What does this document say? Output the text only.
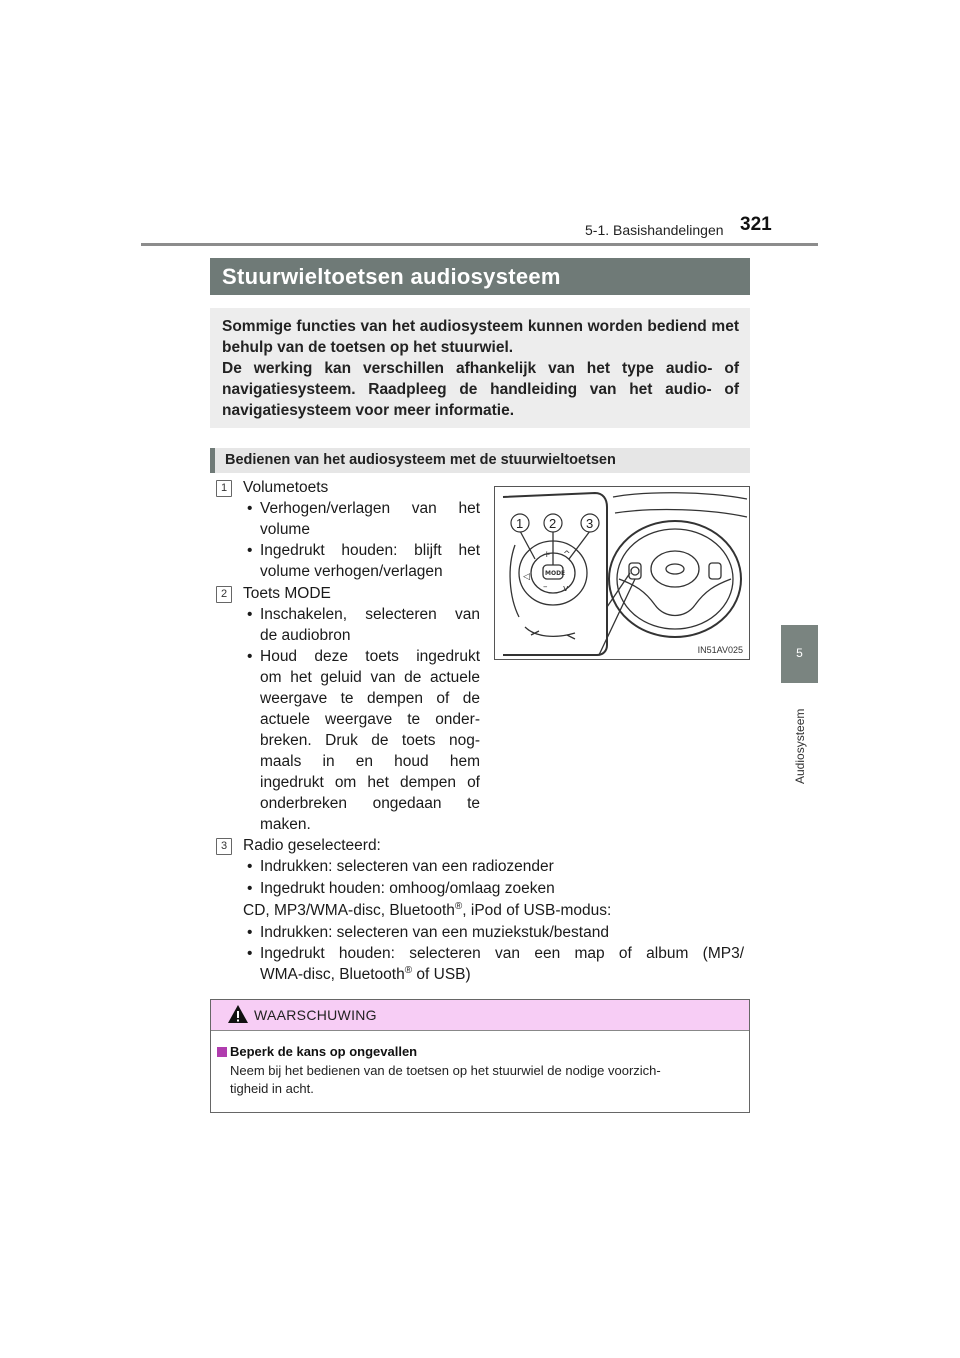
5-1. Basishandelingen 321
5
Audiosysteem
Stuurwieltoetsen audiosysteem

Sommige functies van het audiosysteem kunnen worden bediend met behulp van de toetsen op het stuurwiel.

De werking kan verschillen afhankelijk van het type audio- of navigatiesysteem. Raadpleeg de handleiding van het audio- of navigatiesysteem voor meer informatie.

Bedienen van het audiosysteem met de stuurwieltoetsen
1	Volumetoets
• Verhogen/verlagen van het
volume
• Ingedrukt houden: blijft het
volume verhogen/verlagen
2	Toets MODE
• Inschakelen, selecteren van
de audiobron
• Houd deze toets ingedrukt
om het geluid van de actuele
weergave te dempen of de
actuele weergave te onder-
breken. Druk de toets nog-
maals in en houd hem
ingedrukt om het dempen of
onderbreken ongedaan te
maken.
3	Radio geselecteerd:
• Indrukken: selecteren van een radiozender
• Ingedrukt houden: omhoog/omlaag zoeken
CD, MP3/WMA-disc, Bluetooth®, iPod of USB-modus:
• Indrukken: selecteren van een muziekstuk/bestand
• Ingedrukt houden: selecteren van een map of album (MP3/
WMA-disc, Bluetooth® of USB)
+
–
^
v
◁	MODE
1 2 3
IN51AV025
WAARSCHUWING
Beperk de kans op ongevallen
Neem bij het bedienen van de toetsen op het stuurwiel de nodige voorzich-
tigheid in acht.
